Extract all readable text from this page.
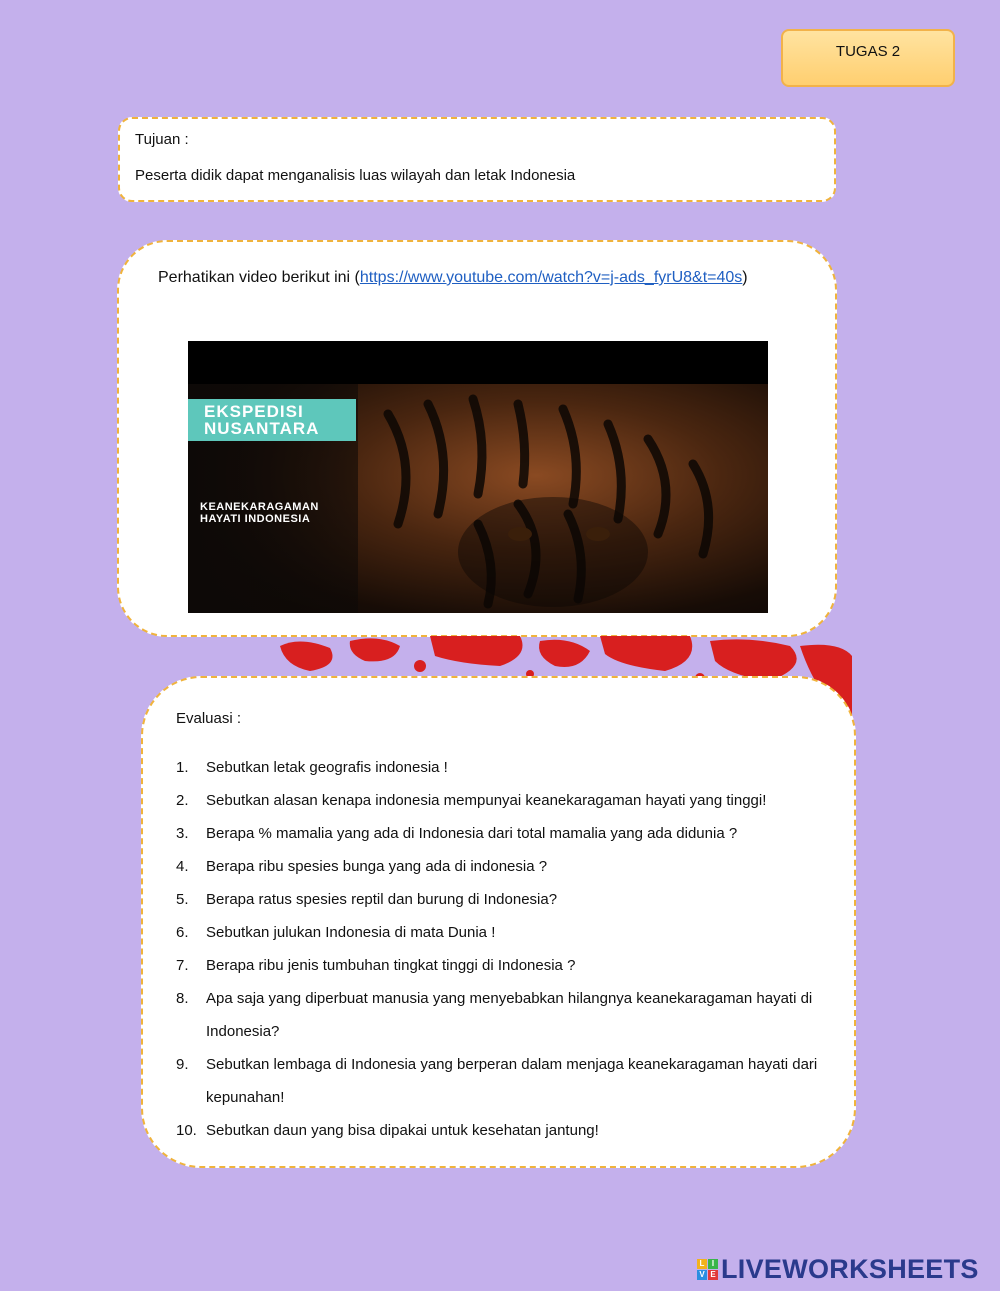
TUGAS 2
Tujuan :
Peserta didik dapat menganalisis luas wilayah dan letak Indonesia
Perhatikan video berikut ini (https://www.youtube.com/watch?v=j-ads_fyrU8&t=40s)
EKSPEDISI
NUSANTARA
KEANEKARAGAMAN
HAYATI INDONESIA
Evaluasi :
1.	Sebutkan letak geografis indonesia !
2.	Sebutkan alasan kenapa indonesia mempunyai keanekaragaman hayati yang tinggi!
3.	Berapa % mamalia yang ada di Indonesia dari total mamalia yang ada didunia ?
4.	Berapa ribu spesies bunga yang ada di indonesia ?
5.	Berapa ratus spesies reptil dan burung di Indonesia?
6.	Sebutkan julukan Indonesia di mata Dunia !
7.	Berapa ribu jenis tumbuhan tingkat tinggi di Indonesia ?
8.	Apa saja yang diperbuat manusia yang menyebabkan hilangnya keanekaragaman hayati di Indonesia?
9.	Sebutkan lembaga di Indonesia yang berperan dalam menjaga keanekaragaman hayati dari kepunahan!
10. Sebutkan daun yang bisa dipakai untuk kesehatan jantung!
L I
V E LIVEWORKSHEETS
